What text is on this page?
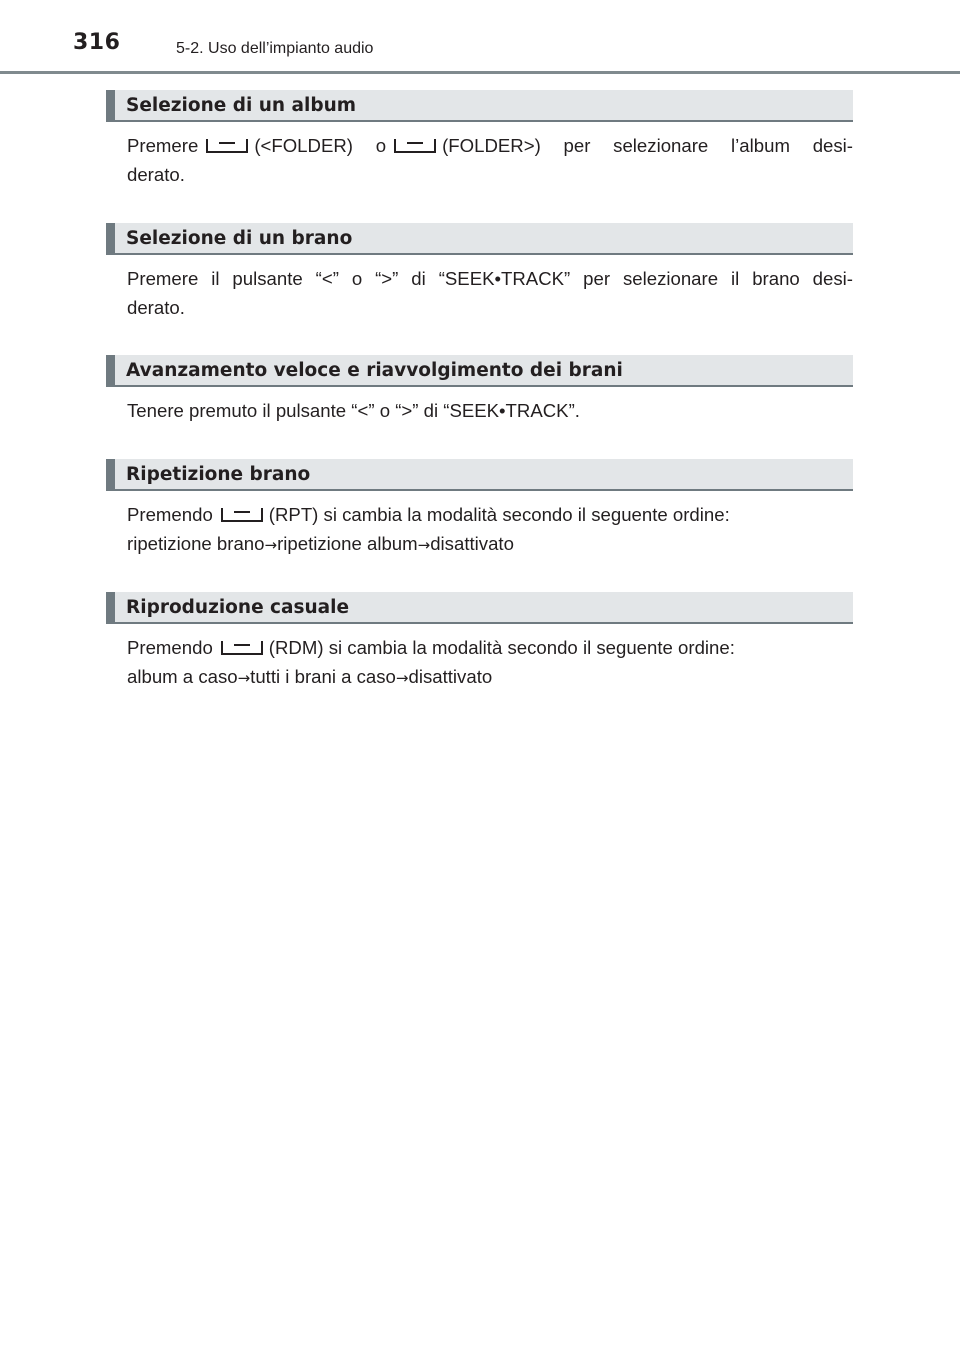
316	5-2. Uso dell’impianto audio
Selezione di un album
Premere	(<FOLDER) o	(FOLDER>) per selezionare l’album desi-
derato.
Selezione di un brano
Premere il pulsante “<” o “>” di “SEEK•TRACK” per selezionare il brano desi-
derato.
Avanzamento veloce e riavvolgimento dei brani
Tenere premuto il pulsante “<” o “>” di “SEEK•TRACK”.
Ripetizione brano
Premendo	(RPT) si cambia la modalità secondo il seguente ordine:
ripetizione brano→ripetizione album→disattivato
Riproduzione casuale
Premendo	(RDM) si cambia la modalità secondo il seguente ordine:
album a caso→tutti i brani a caso→disattivato
